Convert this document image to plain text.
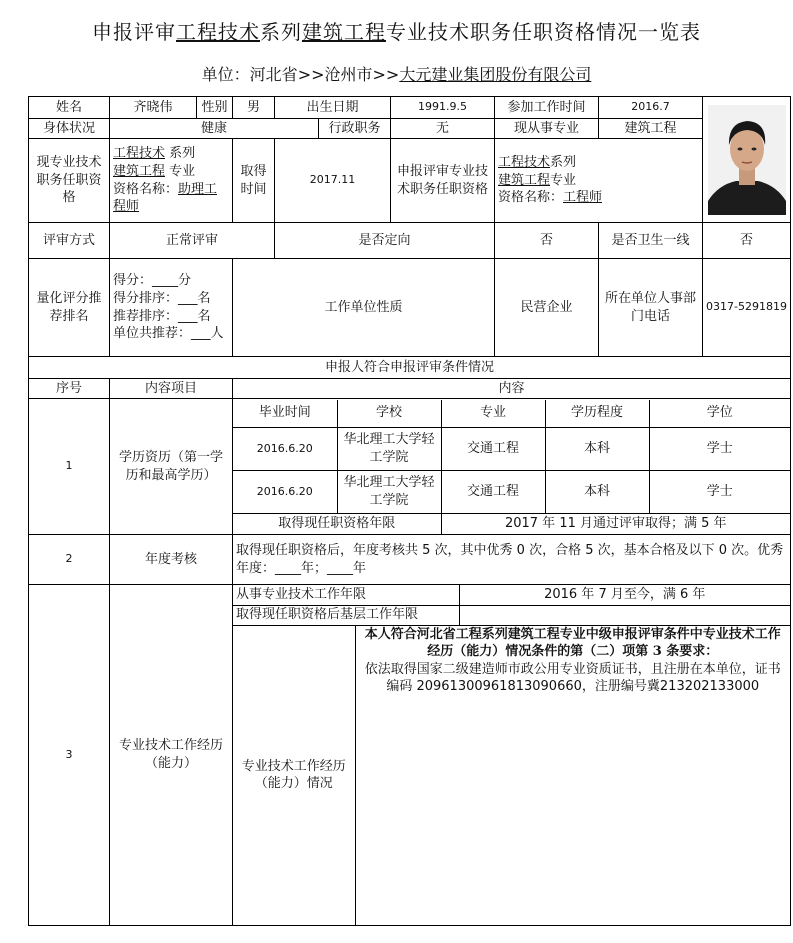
申报评审工程技术系列建筑工程专业技术职务任职资格情况一览表
单位：河北省>>沧州市>>大元建业集团股份有限公司
姓名	齐晓伟	性别	男	出生日期	1991.9.5	参加工作时间	2016.7	

身体状况	健康	行政职务	无	现从事专业	建筑工程
现专业技术职务任职资格	
工程技术 系列
建筑工程 专业
资格名称：助理工程师
	取得时间	2017.11	申报评审专业技术职务任职资格	
工程技术系列
建筑工程专业
资格名称：工程师

评审方式	正常评审	是否定向	否	是否卫生一线	否
量化评分推荐排名	
得分：____分
得分排序：___名
推荐排序：___名
单位共推荐：___人
	工作单位性质	民营企业	所在单位人事部门电话	0317-5291819
申报人符合申报评审条件情况
序号	内容项目	内容
1	学历资历（第一学历和最高学历）	
毕业时间	学校	专业	学历程度	学位
2016.6.20	华北理工大学轻工学院	交通工程	本科	学士
2016.6.20	华北理工大学轻工学院	交通工程	本科	学士
取得现任职资格年限	2017 年 11 月通过评审取得；满 5 年

2	年度考核	取得现任职资格后，年度考核共 5 次，其中优秀 0 次，合格 5 次，基本合格及以下 0 次。优秀年度：____年；____年
3	专业技术工作经历（能力）	
从事专业技术工作年限	2016 年 7 月至今，满 6 年
取得现任职资格后基层工作年限	
专业技术工作经历（能力）情况	
本人符合河北省工程系列建筑工程专业中级申报评审条件中专业技术工作经历（能力）情况条件的第（二）项第 3 条要求：
依法取得国家二级建造师市政公用专业资质证书，且注册在本单位，证书编码 20961300961813090660，注册编号冀213202133000
